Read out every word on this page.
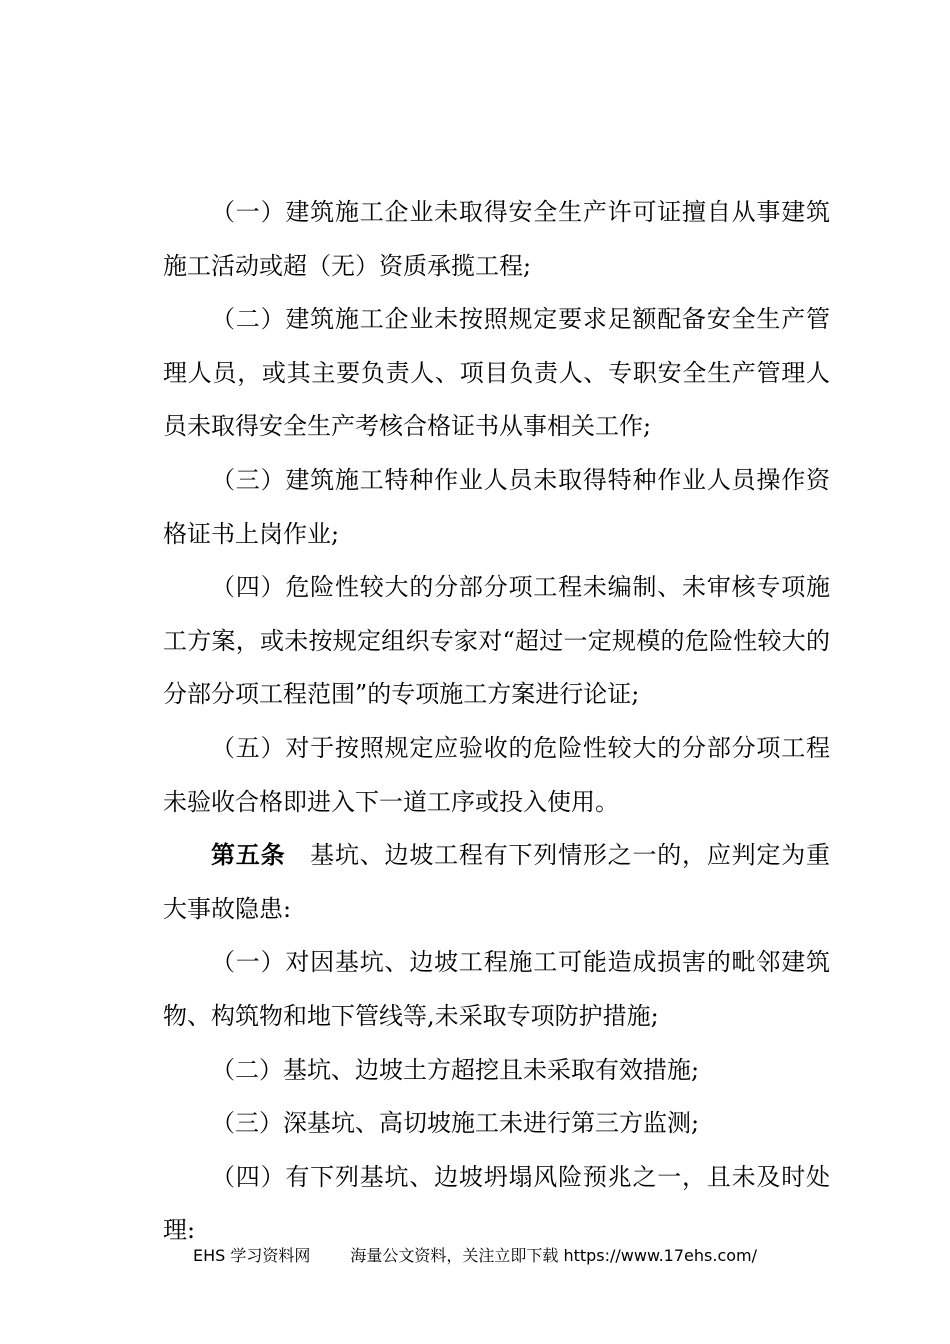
（一）建筑施工企业未取得安全生产许可证擅自从事建筑施工活动或超（无）资质承揽工程;

（二）建筑施工企业未按照规定要求足额配备安全生产管理人员，或其主要负责人、项目负责人、专职安全生产管理人员未取得安全生产考核合格证书从事相关工作;

（三）建筑施工特种作业人员未取得特种作业人员操作资格证书上岗作业;

（四）危险性较大的分部分项工程未编制、未审核专项施工方案，或未按规定组织专家对“超过一定规模的危险性较大的分部分项工程范围”的专项施工方案进行论证;

（五）对于按照规定应验收的危险性较大的分部分项工程未验收合格即进入下一道工序或投入使用。

第五条　基坑、边坡工程有下列情形之一的，应判定为重大事故隐患:

（一）对因基坑、边坡工程施工可能造成损害的毗邻建筑物、构筑物和地下管线等,未采取专项防护措施;

（二）基坑、边坡土方超挖且未采取有效措施;

（三）深基坑、高切坡施工未进行第三方监测;

（四）有下列基坑、边坡坍塌风险预兆之一，且未及时处理:

EHS 学习资料网	海量公文资料，关注立即下载 https://www.17ehs.com/
